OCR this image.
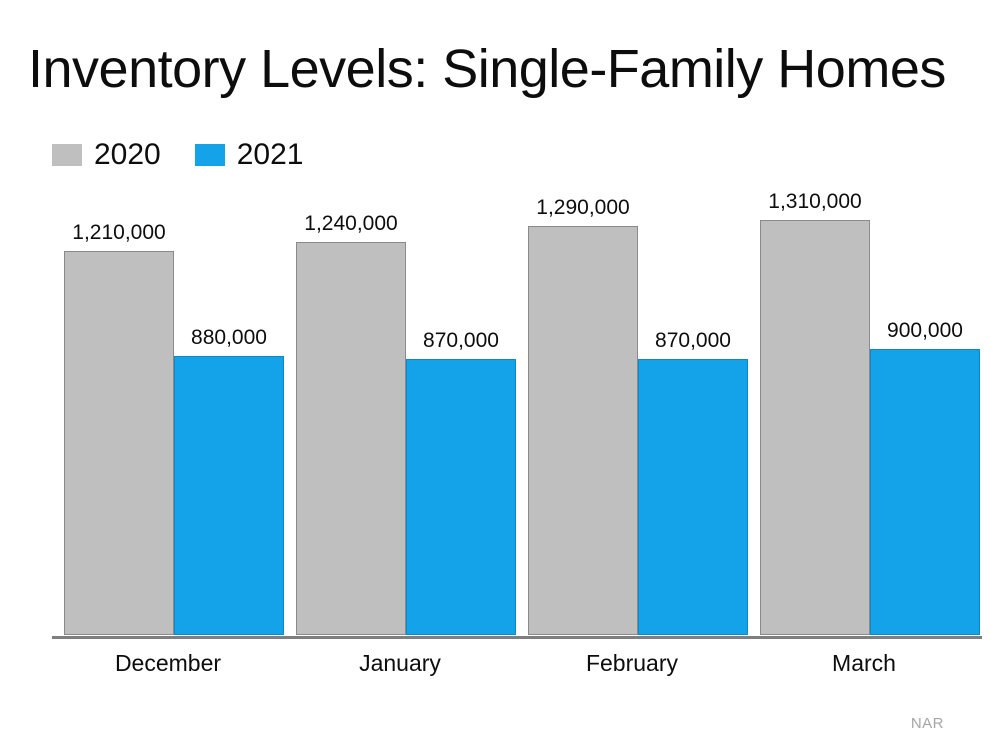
Inventory Levels: Single-Family Homes
2020	2021
1,210,000
880,000
1,240,000
870,000
1,290,000
870,000
1,310,000
900,000
December	January	February	March
NAR
